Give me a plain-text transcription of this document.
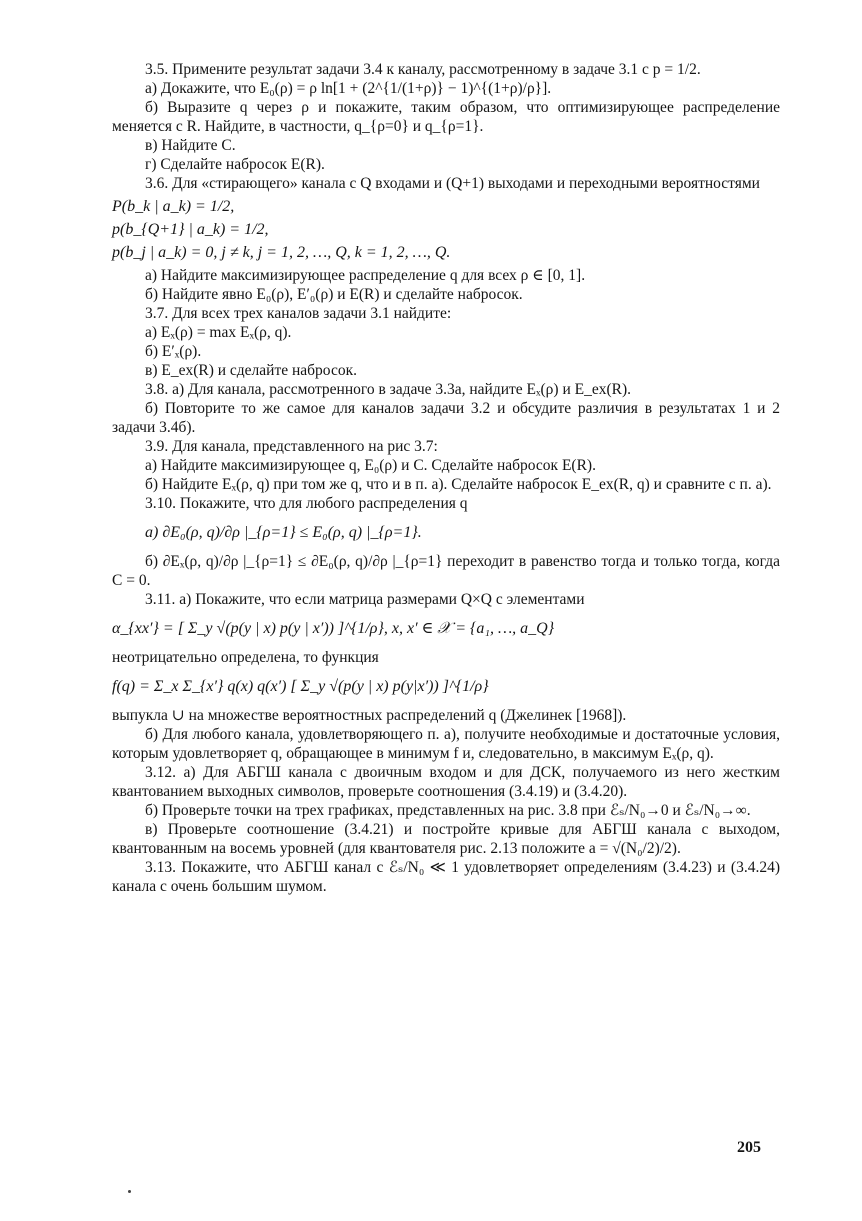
3.5. Примените результат задачи 3.4 к каналу, рассмотренному в задаче 3.1 с p = 1/2.

а) Докажите, что E₀(ρ) = ρ ln[1 + (2^{1/(1+ρ)} − 1)^{(1+ρ)/ρ}].

б) Выразите q через ρ и покажите, таким образом, что оптимизирующее распределение меняется с R. Найдите, в частности, q_{ρ=0} и q_{ρ=1}.

в) Найдите C.

г) Сделайте набросок E(R).

3.6. Для «стирающего» канала с Q входами и (Q+1) выходами и переходными вероятностями

P(b_k | a_k) = 1/2,

p(b_{Q+1} | a_k) = 1/2,

p(b_j | a_k) = 0, j ≠ k, j = 1, 2, …, Q, k = 1, 2, …, Q.

а) Найдите максимизирующее распределение q для всех ρ ∈ [0, 1].

б) Найдите явно E₀(ρ), E′₀(ρ) и E(R) и сделайте набросок.

3.7. Для всех трех каналов задачи 3.1 найдите:

а) Eₓ(ρ) = max Eₓ(ρ, q).

б) E′ₓ(ρ).

в) E_ex(R) и сделайте набросок.

3.8. а) Для канала, рассмотренного в задаче 3.3а, найдите Eₓ(ρ) и E_ex(R).

б) Повторите то же самое для каналов задачи 3.2 и обсудите различия в результатах 1 и 2 задачи 3.4б).

3.9. Для канала, представленного на рис 3.7:

а) Найдите максимизирующее q, E₀(ρ) и C. Сделайте набросок E(R).

б) Найдите Eₓ(ρ, q) при том же q, что и в п. а). Сделайте набросок E_ex(R, q) и сравните с п. а).

3.10. Покажите, что для любого распределения q

а) ∂E₀(ρ, q)/∂ρ |_{ρ=1} ≤ E₀(ρ, q) |_{ρ=1}.

б) ∂Eₓ(ρ, q)/∂ρ |_{ρ=1} ≤ ∂E₀(ρ, q)/∂ρ |_{ρ=1} переходит в равенство тогда и только тогда, когда C = 0.

3.11. а) Покажите, что если матрица размерами Q×Q с элементами

α_{xx′} = [ Σ_y √(p(y | x) p(y | x′)) ]^{1/ρ}, x, x′ ∈ 𝒳 = {a₁, …, a_Q}

неотрицательно определена, то функция

f(q) = Σ_x Σ_{x′} q(x) q(x′) [ Σ_y √(p(y | x) p(y|x′)) ]^{1/ρ}

выпукла ∪ на множестве вероятностных распределений q (Джелинек [1968]).

б) Для любого канала, удовлетворяющего п. а), получите необходимые и достаточные условия, которым удовлетворяет q, обращающее в минимум f и, следовательно, в максимум Eₓ(ρ, q).

3.12. а) Для АБГШ канала с двоичным входом и для ДСК, получаемого из него жестким квантованием выходных символов, проверьте соотношения (3.4.19) и (3.4.20).

б) Проверьте точки на трех графиках, представленных на рис. 3.8 при ℰₛ/N₀→0 и ℰₛ/N₀→∞.

в) Проверьте соотношение (3.4.21) и постройте кривые для АБГШ канала с выходом, квантованным на восемь уровней (для квантователя рис. 2.13 положите a = √(N₀/2)/2).

3.13. Покажите, что АБГШ канал с ℰₛ/N₀ ≪ 1 удовлетворяет определениям (3.4.23) и (3.4.24) канала с очень большим шумом.

205
